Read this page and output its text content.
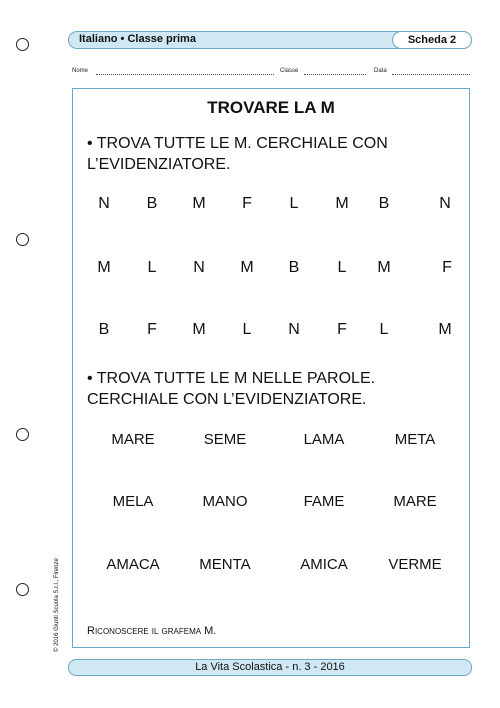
Italiano • Classe prima	Scheda 2
Nome	Classe	Data
TROVARE LA M
• TROVA TUTTE LE M. CERCHIALE CON
L’EVIDENZIATORE.
N B M F L M B	N
M L N M B L M	F
B F M L N F L	M
• TROVA TUTTE LE M NELLE PAROLE.
CERCHIALE CON L’EVIDENZIATORE.
MARE	SEME	LAMA	META
MELA	MANO	FAME	MARE
AMACA	MENTA	AMICA	VERME
Riconoscere il grafema M.
© 2016 Giunti Scuola S.r.l., Firenze
La Vita Scolastica - n. 3 - 2016
